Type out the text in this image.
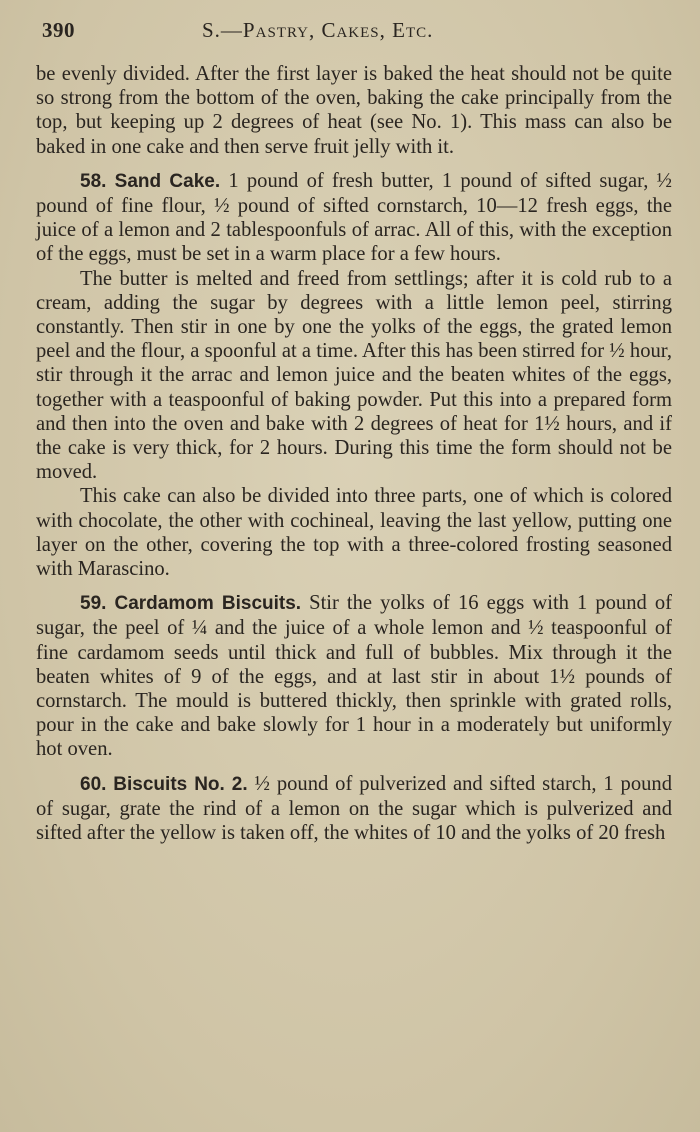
390	S.—Pastry, Cakes, Etc.

be evenly divided. After the first layer is baked the heat should not be quite so strong from the bottom of the oven, baking the cake principally from the top, but keeping up 2 degrees of heat (see No. 1). This mass can also be baked in one cake and then serve fruit jelly with it.

58. Sand Cake. 1 pound of fresh butter, 1 pound of sifted sugar, ½ pound of fine flour, ½ pound of sifted cornstarch, 10—12 fresh eggs, the juice of a lemon and 2 tablespoonfuls of arrac. All of this, with the exception of the eggs, must be set in a warm place for a few hours.

The butter is melted and freed from settlings; after it is cold rub to a cream, adding the sugar by degrees with a little lemon peel, stirring constantly. Then stir in one by one the yolks of the eggs, the grated lemon peel and the flour, a spoonful at a time. After this has been stirred for ½ hour, stir through it the arrac and lemon juice and the beaten whites of the eggs, together with a teaspoonful of baking powder. Put this into a prepared form and then into the oven and bake with 2 degrees of heat for 1½ hours, and if the cake is very thick, for 2 hours. During this time the form should not be moved.

This cake can also be divided into three parts, one of which is colored with chocolate, the other with cochineal, leaving the last yellow, putting one layer on the other, covering the top with a three-colored frosting seasoned with Marascino.

59. Cardamom Biscuits. Stir the yolks of 16 eggs with 1 pound of sugar, the peel of ¼ and the juice of a whole lemon and ½ teaspoonful of fine cardamom seeds until thick and full of bubbles. Mix through it the beaten whites of 9 of the eggs, and at last stir in about 1½ pounds of cornstarch. The mould is buttered thickly, then sprinkle with grated rolls, pour in the cake and bake slowly for 1 hour in a moderately but uniformly hot oven.

60. Biscuits No. 2. ½ pound of pulverized and sifted starch, 1 pound of sugar, grate the rind of a lemon on the sugar which is pulverized and sifted after the yellow is taken off, the whites of 10 and the yolks of 20 fresh
